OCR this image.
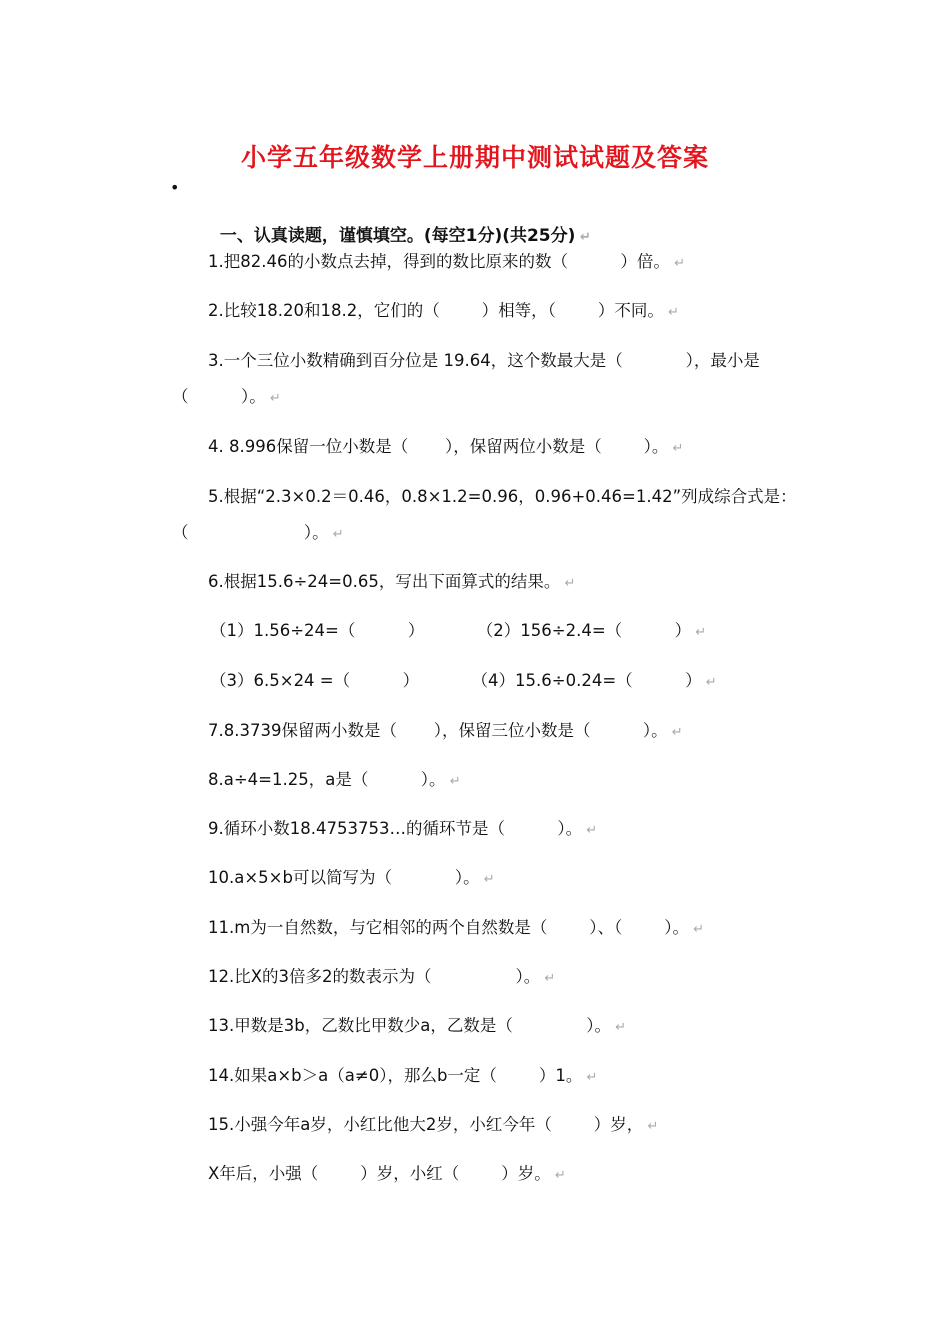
小学五年级数学上册期中测试试题及答案
•

一、认真读题，谨慎填空。(每空1分)(共25分) ↵

1.把82.46的小数点去掉，得到的数比原来的数（          ）倍。 ↵
2.比较18.20和18.2，它们的（        ）相等，（        ）不同。 ↵
3.一个三位小数精确到百分位是 19.64，这个数最大是（            ），最小是
（          ）。 ↵
4. 8.996保留一位小数是（       ），保留两位小数是（        ）。 ↵
5.根据“2.3×0.2＝0.46，0.8×1.2=0.96，0.96+0.46=1.42”列成综合式是：
（                      ）。 ↵
6.根据15.6÷24=0.65，写出下面算式的结果。 ↵
（1）1.56÷24=（          ）          （2）156÷2.4=（          ） ↵
（3）6.5×24 =（          ）          （4）15.6÷0.24=（          ） ↵
7.8.3739保留两小数是（       ），保留三位小数是（          ）。 ↵
8.a÷4=1.25，a是（          ）。 ↵
9.循环小数18.4753753…的循环节是（          ）。 ↵
10.a×5×b可以简写为（            ）。 ↵
11.m为一自然数，与它相邻的两个自然数是（        ）、（        ）。 ↵
12.比X的3倍多2的数表示为（                ）。 ↵
13.甲数是3b，乙数比甲数少a，乙数是（              ）。 ↵
14.如果a×b＞a（a≠0），那么b一定（        ）1。 ↵
15.小强今年a岁，小红比他大2岁，小红今年（        ）岁， ↵
X年后，小强（        ）岁，小红（        ）岁。 ↵
